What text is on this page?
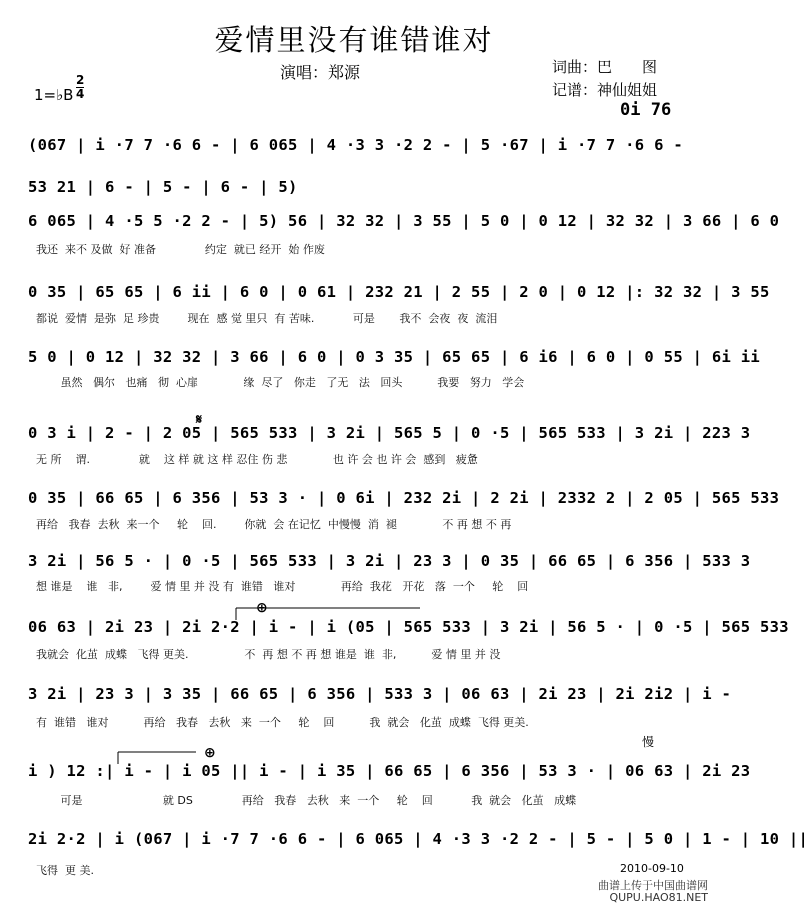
爱情里没有谁错谁对
演唱：郑源	词曲：巴　　图
记谱：神仙姐姐
1=♭B
2
4
0i 76
(067 | i ·7 7 ·6 6 - | 6 065 | 4 ·3 3 ·2 2 - | 5 ·67 | i ·7 7 ·6 6 -
53 21 | 6 - | 5 - | 6 - | 5)
6 065 | 4 ·5 5 ·2 2 - | 5) 56 | 32 32 | 3 55 | 5 0 | 0 12 | 32 32 | 3 66 | 6 0
我还  来不 及做  好 准备              约定  就已 经开  始 作废
0 35 | 65 65 | 6 ii | 6 0 | 0 61 | 232 21 | 2 55 | 2 0 | 0 12 |: 32 32 | 3 55
都说  爱情  是弥  足 珍贵        现在  感 觉 里只  有 苦味.           可是       我不  会夜  夜  流泪
5 0 | 0 12 | 32 32 | 3 66 | 6 0 | 0 3 35 | 65 65 | 6 i6 | 6 0 | 0 55 | 6i ii
虽然   偶尔   也痛   彻  心扉             缘  尽了   你走   了无   法   回头          我要   努力   学会
0 3 i | 2 - | 2 05 | 565 533 | 3 2i | 565 5 | 0 ·5 | 565 533 | 3 2i | 223 3
无 所    谓.              就    这 样 就 这 样 忍住 伤 悲             也 许 会 也 许 会  感到   疲惫
0 35 | 66 65 | 6 356 | 53 3 · | 0 6i | 232 2i | 2 2i | 2332 2 | 2 05 | 565 533
再给   我春  去秋  来一个     轮    回.        你就  会 在记忆  中慢慢  消  褪             不 再 想 不 再
3 2i | 56 5 · | 0 ·5 | 565 533 | 3 2i | 23 3 | 0 35 | 66 65 | 6 356 | 533 3
想 谁是    谁   非,        爱 情 里 并 没 有  谁错   谁对             再给  我花   开花   落  一个     轮    回
06 63 | 2i 23 | 2i 2·2 | i - | i (05 | 565 533 | 3 2i | 56 5 · | 0 ·5 | 565 533
我就会  化茧  成蝶   飞得 更美.                不  再 想 不 再 想 谁是  谁  非,          爱 情 里 并 没
3 2i | 23 3 | 3 35 | 66 65 | 6 356 | 533 3 | 06 63 | 2i 23 | 2i 2i2 | i -
有  谁错   谁对          再给   我春   去秋   来  一个     轮    回          我  就会   化茧  成蝶  飞得 更美.
慢
i ) 12 :| i - | i 05 || i - | i 35 | 66 65 | 6 356 | 53 3 · | 06 63 | 2i 23
可是                       就 DS              再给   我春   去秋   来  一个     轮    回           我  就会   化茧   成蝶
2i 2·2 | i (067 | i ·7 7 ·6 6 - | 6 065 | 4 ·3 3 ·2 2 - | 5 - | 5 0 | 1 - | 10 ||
飞得  更 美.
𝄋
⊕
⊕
2010-09-10
曲谱上传于中国曲谱网
QUPU.HAO81.NET
